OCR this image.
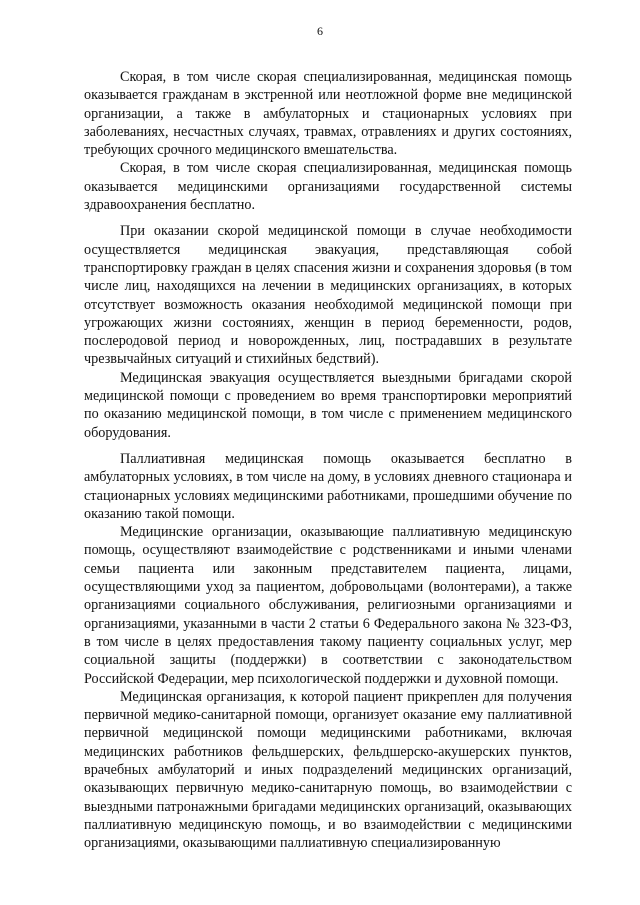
6

Скорая, в том числе скорая специализированная, медицинская помощь оказывается гражданам в экстренной или неотложной форме вне медицинской организации, а также в амбулаторных и стационарных условиях при заболеваниях, несчастных случаях, травмах, отравлениях и других состояниях, требующих срочного медицинского вмешательства.

Скорая, в том числе скорая специализированная, медицинская помощь оказывается медицинскими организациями государственной системы здравоохранения бесплатно.

При оказании скорой медицинской помощи в случае необходимости осуществляется медицинская эвакуация, представляющая собой транспортировку граждан в целях спасения жизни и сохранения здоровья (в том числе лиц, находящихся на лечении в медицинских организациях, в которых отсутствует возможность оказания необходимой медицинской помощи при угрожающих жизни состояниях, женщин в период беременности, родов, послеродовой период и новорожденных, лиц, пострадавших в результате чрезвычайных ситуаций и стихийных бедствий).

Медицинская эвакуация осуществляется выездными бригадами скорой медицинской помощи с проведением во время транспортировки мероприятий по оказанию медицинской помощи, в том числе с применением медицинского оборудования.

Паллиативная медицинская помощь оказывается бесплатно в амбулаторных условиях, в том числе на дому, в условиях дневного стационара и стационарных условиях медицинскими работниками, прошедшими обучение по оказанию такой помощи.

Медицинские организации, оказывающие паллиативную медицинскую помощь, осуществляют взаимодействие с родственниками и иными членами семьи пациента или законным представителем пациента, лицами, осуществляющими уход за пациентом, добровольцами (волонтерами), а также организациями социального обслуживания, религиозными организациями и организациями, указанными в части 2 статьи 6 Федерального закона № 323-ФЗ, в том числе в целях предоставления такому пациенту социальных услуг, мер социальной защиты (поддержки) в соответствии с законодательством Российской Федерации, мер психологической поддержки и духовной помощи.

Медицинская организация, к которой пациент прикреплен для получения первичной медико-санитарной помощи, организует оказание ему паллиативной первичной медицинской помощи медицинскими работниками, включая медицинских работников фельдшерских, фельдшерско-акушерских пунктов, врачебных амбулаторий и иных подразделений медицинских организаций, оказывающих первичную медико-санитарную помощь, во взаимодействии с выездными патронажными бригадами медицинских организаций, оказывающих паллиативную медицинскую помощь, и во взаимодействии с медицинскими организациями, оказывающими паллиативную специализированную
